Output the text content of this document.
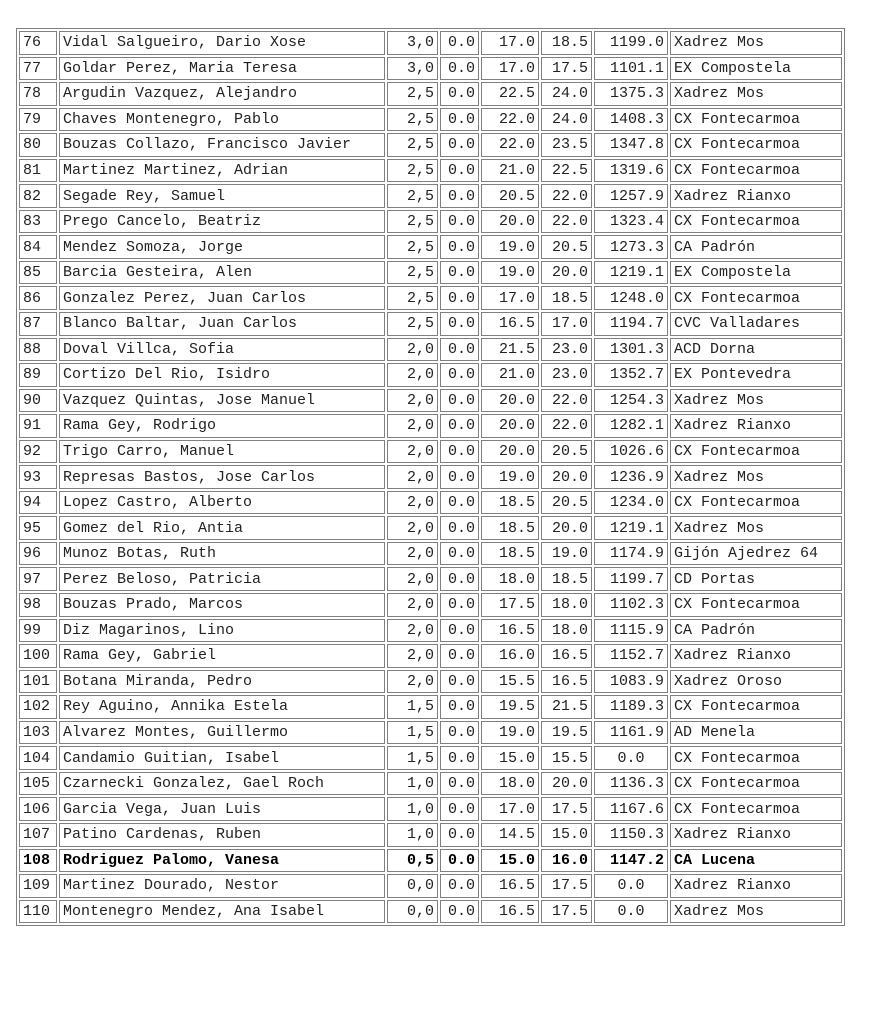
76	Vidal Salgueiro, Dario Xose	3,0	0.0	17.0	18.5	1199.0	Xadrez Mos
77	Goldar Perez, Maria Teresa	3,0	0.0	17.0	17.5	1101.1	EX Compostela
78	Argudin Vazquez, Alejandro	2,5	0.0	22.5	24.0	1375.3	Xadrez Mos
79	Chaves Montenegro, Pablo	2,5	0.0	22.0	24.0	1408.3	CX Fontecarmoa
80	Bouzas Collazo, Francisco Javier	2,5	0.0	22.0	23.5	1347.8	CX Fontecarmoa
81	Martinez Martinez, Adrian	2,5	0.0	21.0	22.5	1319.6	CX Fontecarmoa
82	Segade Rey, Samuel	2,5	0.0	20.5	22.0	1257.9	Xadrez Rianxo
83	Prego Cancelo, Beatriz	2,5	0.0	20.0	22.0	1323.4	CX Fontecarmoa
84	Mendez Somoza, Jorge	2,5	0.0	19.0	20.5	1273.3	CA Padrón
85	Barcia Gesteira, Alen	2,5	0.0	19.0	20.0	1219.1	EX Compostela
86	Gonzalez Perez, Juan Carlos	2,5	0.0	17.0	18.5	1248.0	CX Fontecarmoa
87	Blanco Baltar, Juan Carlos	2,5	0.0	16.5	17.0	1194.7	CVC Valladares
88	Doval Villca, Sofia	2,0	0.0	21.5	23.0	1301.3	ACD Dorna
89	Cortizo Del Rio, Isidro	2,0	0.0	21.0	23.0	1352.7	EX Pontevedra
90	Vazquez Quintas, Jose Manuel	2,0	0.0	20.0	22.0	1254.3	Xadrez Mos
91	Rama Gey, Rodrigo	2,0	0.0	20.0	22.0	1282.1	Xadrez Rianxo
92	Trigo Carro, Manuel	2,0	0.0	20.0	20.5	1026.6	CX Fontecarmoa
93	Represas Bastos, Jose Carlos	2,0	0.0	19.0	20.0	1236.9	Xadrez Mos
94	Lopez Castro, Alberto	2,0	0.0	18.5	20.5	1234.0	CX Fontecarmoa
95	Gomez del Rio, Antia	2,0	0.0	18.5	20.0	1219.1	Xadrez Mos
96	Munoz Botas, Ruth	2,0	0.0	18.5	19.0	1174.9	Gijón Ajedrez 64
97	Perez Beloso, Patricia	2,0	0.0	18.0	18.5	1199.7	CD Portas
98	Bouzas Prado, Marcos	2,0	0.0	17.5	18.0	1102.3	CX Fontecarmoa
99	Diz Magarinos, Lino	2,0	0.0	16.5	18.0	1115.9	CA Padrón
100	Rama Gey, Gabriel	2,0	0.0	16.0	16.5	1152.7	Xadrez Rianxo
101	Botana Miranda, Pedro	2,0	0.0	15.5	16.5	1083.9	Xadrez Oroso
102	Rey Aguino, Annika Estela	1,5	0.0	19.5	21.5	1189.3	CX Fontecarmoa
103	Alvarez Montes, Guillermo	1,5	0.0	19.0	19.5	1161.9	AD Menela
104	Candamio Guitian, Isabel	1,5	0.0	15.0	15.5	0.0	CX Fontecarmoa
105	Czarnecki Gonzalez, Gael Roch	1,0	0.0	18.0	20.0	1136.3	CX Fontecarmoa
106	Garcia Vega, Juan Luis	1,0	0.0	17.0	17.5	1167.6	CX Fontecarmoa
107	Patino Cardenas, Ruben	1,0	0.0	14.5	15.0	1150.3	Xadrez Rianxo
108	Rodriguez Palomo, Vanesa	0,5	0.0	15.0	16.0	1147.2	CA Lucena
109	Martinez Dourado, Nestor	0,0	0.0	16.5	17.5	0.0	Xadrez Rianxo
110	Montenegro Mendez, Ana Isabel	0,0	0.0	16.5	17.5	0.0	Xadrez Mos
